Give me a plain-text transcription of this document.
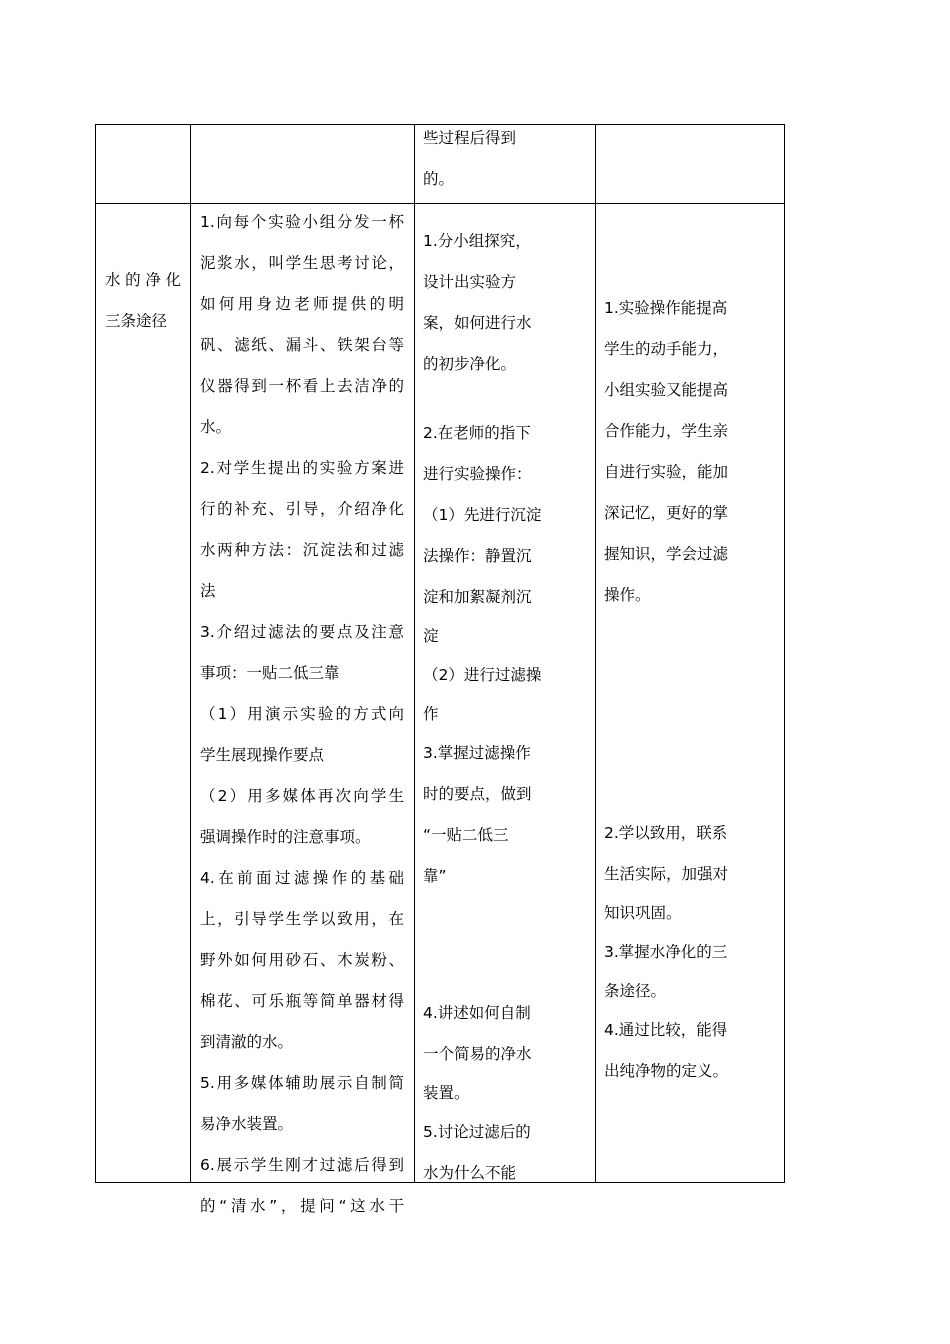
些过程后得到

的。

水的净化

三条途径

1.向每个实验小组分发一杯

泥浆水，叫学生思考讨论，

如何用身边老师提供的明

矾、滤纸、漏斗、铁架台等

仪器得到一杯看上去洁净的

水。

2.对学生提出的实验方案进

行的补充、引导，介绍净化

水两种方法：沉淀法和过滤

法

3.介绍过滤法的要点及注意

事项：一贴二低三靠

（1）用演示实验的方式向

学生展现操作要点

（2）用多媒体再次向学生

强调操作时的注意事项。

4.在前面过滤操作的基础

上，引导学生学以致用，在

野外如何用砂石、木炭粉、

棉花、可乐瓶等简单器材得

到清澈的水。

5.用多媒体辅助展示自制简

易净水装置。

6.展示学生刚才过滤后得到

的“清水”，提问“这水干

1.分小组探究，

设计出实验方

案，如何进行水

的初步净化。

2.在老师的指下

进行实验操作：

（1）先进行沉淀

法操作：静置沉

淀和加絮凝剂沉

淀

（2）进行过滤操

作

3.掌握过滤操作

时的要点，做到

“一贴二低三

靠”

4.讲述如何自制

一个简易的净水

装置。

5.讨论过滤后的

水为什么不能

1.实验操作能提高

学生的动手能力，

小组实验又能提高

合作能力，学生亲

自进行实验，能加

深记忆，更好的掌

握知识，学会过滤

操作。

2.学以致用，联系

生活实际，加强对

知识巩固。

3.掌握水净化的三

条途径。

4.通过比较，能得

出纯净物的定义。
